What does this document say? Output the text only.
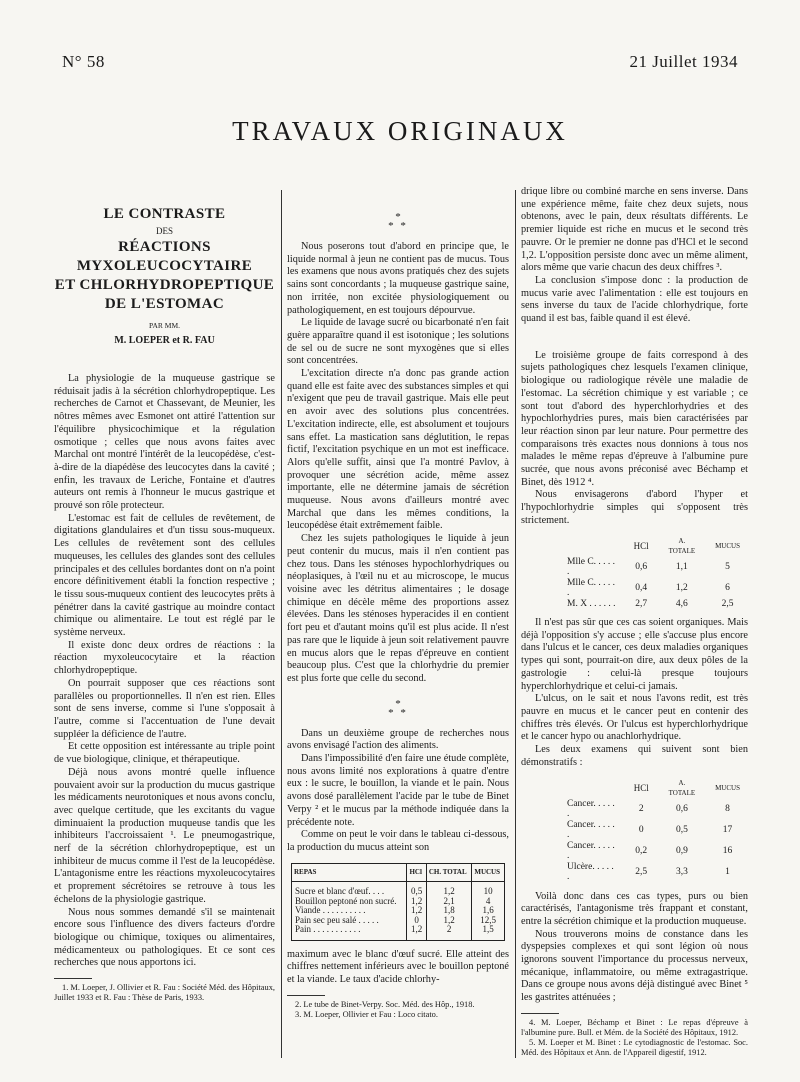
N° 58	21 Juillet 1934
TRAVAUX ORIGINAUX
LE CONTRASTE
DES
RÉACTIONS
MYXOLEUCOCYTAIRE
ET CHLORHYDROPEPTIQUE
DE L'ESTOMAC
PAR MM.
M. LOEPER et R. FAU

La physiologie de la muqueuse gastrique se réduisait jadis à la sécrétion chlorhydropeptique. Les recherches de Carnot et Chassevant, de Meunier, les nôtres mêmes avec Esmonet ont attiré l'attention sur l'équilibre physicochimique et la régulation osmotique ; celles que nous avons faites avec Marchal ont montré l'intérêt de la leucopédèse, c'est-à-dire de la diapédèse des leucocytes dans la cavité ; enfin, les travaux de Leriche, Fontaine et d'autres auteurs ont remis à l'honneur le mucus gastrique et prouvé son rôle protecteur.

L'estomac est fait de cellules de revêtement, de digitations glandulaires et d'un tissu sous-muqueux. Les cellules de revêtement sont des cellules muqueuses, les cellules des glandes sont des cellules principales et des cellules bordantes dont on n'a point encore définitivement établi la fonction respective ; le tissu sous-muqueux contient des leucocytes prêts à pénétrer dans la cavité gastrique au moindre contact chimique ou alimentaire. Le tout est réglé par le système nerveux.

Il existe donc deux ordres de réactions : la réaction myxoleucocytaire et la réaction chlorhydropeptique.

On pourrait supposer que ces réactions sont parallèles ou proportionnelles. Il n'en est rien. Elles sont de sens inverse, comme si l'une s'opposait à l'autre, comme si l'accentuation de l'une devait suppléer la déficience de l'autre.

Et cette opposition est intéressante au triple point de vue biologique, clinique, et thérapeutique.

Déjà nous avons montré quelle influence pouvaient avoir sur la production du mucus gastrique les médicaments neurotoniques et nous avons conclu, avec quelque certitude, que les excitants du vague diminuaient la production muqueuse tandis que les inhibiteurs l'accroissaient ¹. Le pneumogastrique, nerf de la sécrétion chlorhydropeptique, est un inhibiteur de mucus comme il l'est de la leucopédèse. L'antagonisme entre les réactions myxoleucocytaires et proprement sécrétoires se retrouve à tous les échelons de la physiologie gastrique.

Nous nous sommes demandé s'il se maintenait encore sous l'influence des divers facteurs d'ordre biologique ou chimique, toxiques ou alimentaires, médicamenteux ou pathologiques. Et ce sont ces recherches que nous apportons ici.

1. M. Loeper, J. Ollivier et R. Fau : Société Méd. des Hôpitaux, Juillet 1933 et R. Fau : Thèse de Paris, 1933.

*
* *

Nous poserons tout d'abord en principe que, le liquide normal à jeun ne contient pas de mucus. Tous les examens que nous avons pratiqués chez des sujets sains sont concordants ; la muqueuse gastrique saine, non irritée, non excitée physiologiquement ou pathologiquement, en est toujours dépourvue.

Le liquide de lavage sucré ou bicarbonaté n'en fait guère apparaître quand il est isotonique ; les solutions de sel ou de sucre ne sont myxogènes que si elles sont concentrées.

L'excitation directe n'a donc pas grande action quand elle est faite avec des substances simples et qui n'exigent que peu de travail gastrique. Mais elle peut en avoir avec des solutions plus concentrées. L'excitation indirecte, elle, est absolument et toujours sans effet. La mastication sans déglutition, le repas fictif, l'excitation psychique en un mot est inefficace. Alors qu'elle suffit, ainsi que l'a montré Pavlov, à provoquer une sécrétion acide, même assez importante, elle ne détermine jamais de sécrétion muqueuse. Nous avons d'ailleurs montré avec Marchal que dans les mêmes conditions, la leucopédèse était extrêmement faible.

Chez les sujets pathologiques le liquide à jeun peut contenir du mucus, mais il n'en contient pas chez tous. Dans les sténoses hypochlorhydriques ou néoplasiques, à l'œil nu et au microscope, le mucus voisine avec les détritus alimentaires ; le dosage chimique en décèle même des proportions assez élevées. Dans les sténoses hyperacides il en contient fort peu et d'autant moins qu'il est plus acide. Il n'est pas rare que le liquide à jeun soit relativement pauvre en mucus alors que le repas d'épreuve en contient beaucoup plus. C'est que la chlorhydrie du premier est plus forte que celle du second.

*
* *

Dans un deuxième groupe de recherches nous avons envisagé l'action des aliments.

Dans l'impossibilité d'en faire une étude complète, nous avons limité nos explorations à quatre d'entre eux : le sucre, le bouillon, la viande et le pain. Nous avons dosé parallèlement l'acide par le tube de Binet Verpy ² et le mucus par la méthode indiquée dans la précédente note.

Comme on peut le voir dans le tableau ci-dessous, la production du mucus atteint son

REPAS	HCl	CH. TOTAL	MUCUS
Sucre et blanc d'œuf. . . .	0,5	1,2	10
Bouillon peptoné non sucré.	1,2	2,1	4
Viande . . . . . . . . . .	1,2	1,8	1,6
Pain sec peu salé . . . . .	0	1,2	12,5
Pain . . . . . . . . . . .	1,2	2	1,5

maximum avec le blanc d'œuf sucré. Elle atteint des chiffres nettement inférieurs avec le bouillon peptoné et la viande. Le taux d'acide chlorhy-

2. Le tube de Binet-Verpy. Soc. Méd. des Hôp., 1918.

3. M. Loeper, Ollivier et Fau : Loco citato.

drique libre ou combiné marche en sens inverse. Dans une expérience même, faite chez deux sujets, nous obtenons, avec le pain, deux résultats différents. Le premier liquide est riche en mucus et le second très pauvre. Or le premier ne donne pas d'HCl et le second 1,2. L'opposition persiste donc avec un même aliment, alors même que varie chacun des deux chiffres ³.

La conclusion s'impose donc : la production de mucus varie avec l'alimentation : elle est toujours en sens inverse du taux de l'acide chlorhydrique, forte quand il est bas, faible quand il est élevé.

Le troisième groupe de faits correspond à des sujets pathologiques chez lesquels l'examen clinique, biologique ou radiologique révèle une maladie de l'estomac. La sécrétion chimique y est variable ; ce sont tout d'abord des hyperchlorhydries et des hypochlorhydries pures, mais bien caractérisées par leur réaction sinon par leur nature. Pour permettre des comparaisons très exactes nous donnions à tous nos malades le même repas d'épreuve à l'albumine pure sucrée, que nous avons préconisé avec Béchamp et Binet, dès 1912 ⁴.

Nous envisagerons d'abord l'hyper et l'hypochlorhydrie simples qui s'opposent très strictement.

	HCl	A. TOTALE	MUCUS
Mlle C. . . . . .	0,6	1,1	5
Mlle C. . . . . .	0,4	1,2	6
M. X . . . . . .	2,7	4,6	2,5

Il n'est pas sûr que ces cas soient organiques. Mais déjà l'opposition s'y accuse ; elle s'accuse plus encore dans l'ulcus et le cancer, ces deux maladies organiques types qui sont, pourrait-on dire, aux deux pôles de la gastrologie : celui-là presque toujours hyperchlorhydrique et celui-ci jamais.

L'ulcus, on le sait et nous l'avons redit, est très pauvre en mucus et le cancer peut en contenir des chiffres très élevés. Or l'ulcus est hyperchlorhydrique et le cancer hypo ou anachlorhydrique.

Les deux examens qui suivent sont bien démonstratifs :

	HCl	A. TOTALE	MUCUS
Cancer. . . . . .	2	0,6	8
Cancer. . . . . .	0	0,5	17
Cancer. . . . . .	0,2	0,9	16
Ulcère. . . . . .	2,5	3,3	1

Voilà donc dans ces cas types, purs ou bien caractérisés, l'antagonisme très frappant et constant, entre la sécrétion chimique et la production muqueuse.

Nous trouverons moins de constance dans les dyspepsies complexes et qui sont légion où nous ignorons souvent l'importance du processus nerveux, mécanique, inflammatoire, ou même extragastrique. Dans ce groupe nous avons déjà distingué avec Binet ⁵ les gastrites atténuées ;

4. M. Loeper, Béchamp et Binet : Le repas d'épreuve à l'albumine pure. Bull. et Mém. de la Société des Hôpitaux, 1912.

5. M. Loeper et M. Binet : Le cytodiagnostic de l'estomac. Soc. Méd. des Hôpitaux et Ann. de l'Appareil digestif, 1912.
